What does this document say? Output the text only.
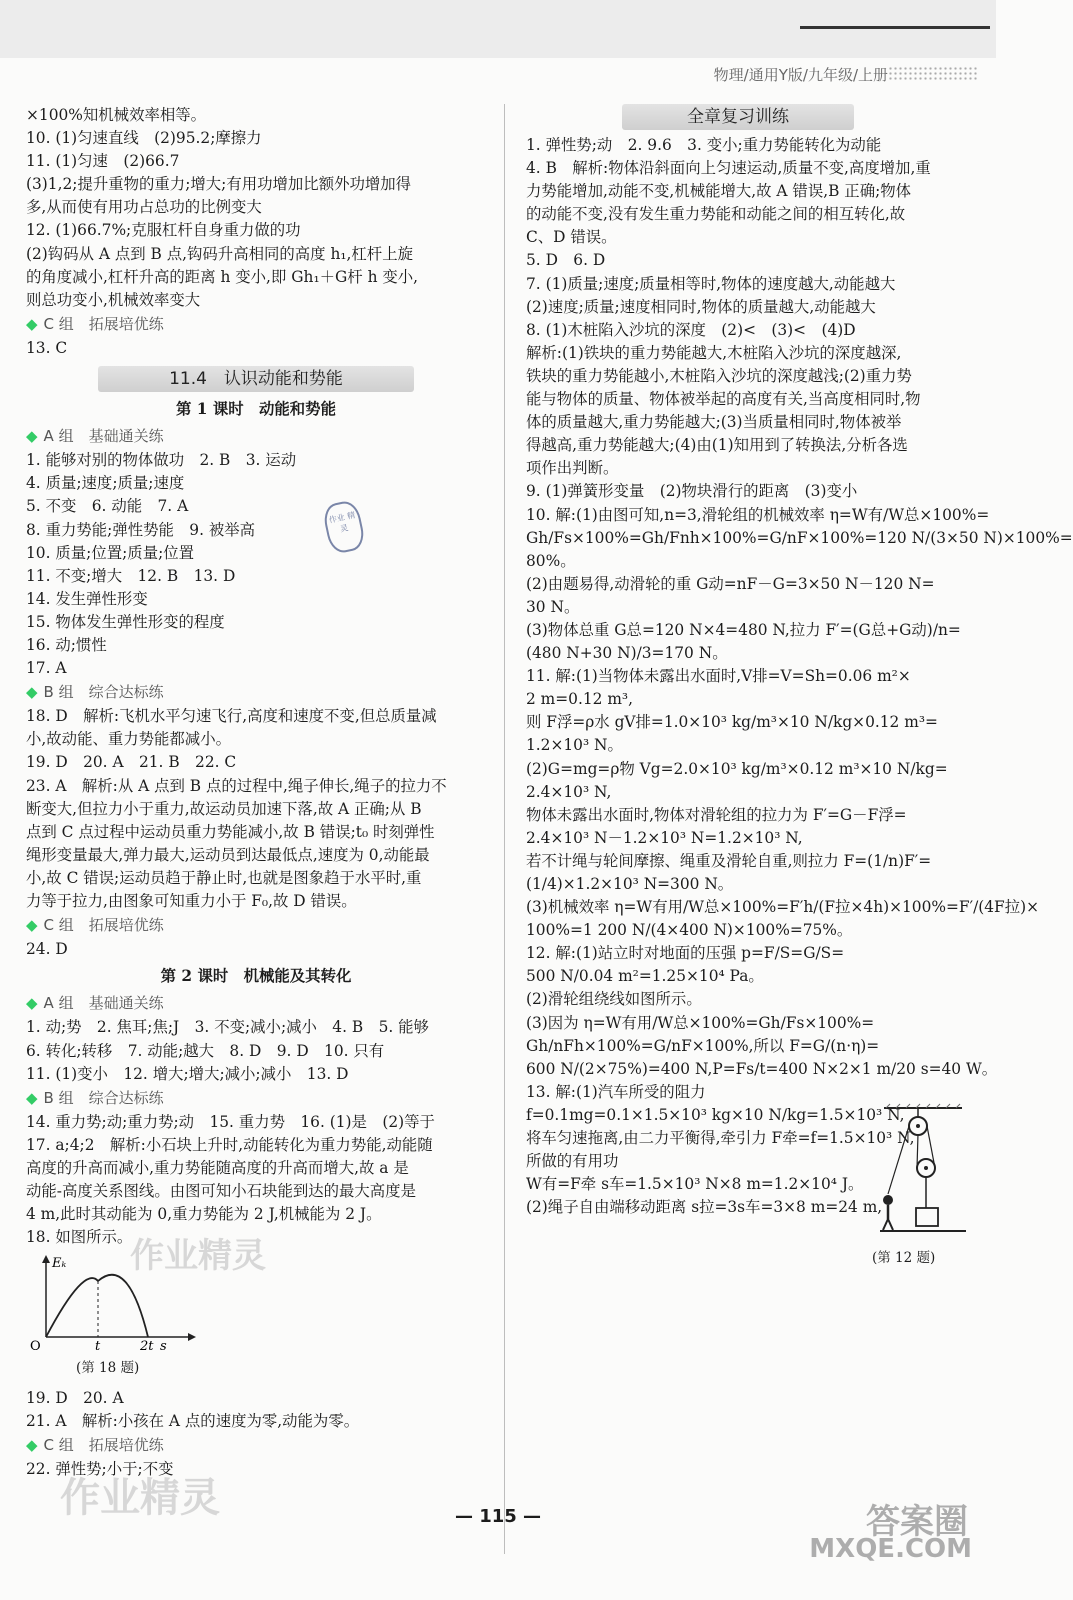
物理/通用Y版/九年级/上册
×100%知机械效率相等。
10. (1)匀速直线　(2)95.2;摩擦力
11. (1)匀速　(2)66.7
(3)1,2;提升重物的重力;增大;有用功增加比额外功增加得
多,从而使有用功占总功的比例变大
12. (1)66.7%;克服杠杆自身重力做的功
(2)钩码从 A 点到 B 点,钩码升高相同的高度 h₁,杠杆上旋
的角度减小,杠杆升高的距离 h 变小,即 Gh₁＋G杆 h 变小,
则总功变小,机械效率变大
◆ C 组　拓展培优练
13. C
11.4　认识动能和势能
第 1 课时　动能和势能
◆ A 组　基础通关练
1. 能够对别的物体做功　2. B　3. 运动
4. 质量;速度;质量;速度
5. 不变　6. 动能　7. A
8. 重力势能;弹性势能　9. 被举高
10. 质量;位置;质量;位置
11. 不变;增大　12. B　13. D
14. 发生弹性形变
15. 物体发生弹性形变的程度
16. 动;惯性
17. A
◆ B 组　综合达标练
18. D　解析:飞机水平匀速飞行,高度和速度不变,但总质量减
小,故动能、重力势能都减小。
19. D　20. A　21. B　22. C
23. A　解析:从 A 点到 B 点的过程中,绳子伸长,绳子的拉力不
断变大,但拉力小于重力,故运动员加速下落,故 A 正确;从 B
点到 C 点过程中运动员重力势能减小,故 B 错误;t₀ 时刻弹性
绳形变量最大,弹力最大,运动员到达最低点,速度为 0,动能最
小,故 C 错误;运动员趋于静止时,也就是图象趋于水平时,重
力等于拉力,由图象可知重力小于 F₀,故 D 错误。
◆ C 组　拓展培优练
24. D
第 2 课时　机械能及其转化
◆ A 组　基础通关练
1. 动;势　2. 焦耳;焦;J　3. 不变;减小;减小　4. B　5. 能够
6. 转化;转移　7. 动能;越大　8. D　9. D　10. 只有
11. (1)变小　12. 增大;增大;减小;减小　13. D
◆ B 组　综合达标练
14. 重力势;动;重力势;动　15. 重力势　16. (1)是　(2)等于
17. a;4;2　解析:小石块上升时,动能转化为重力势能,动能随
高度的升高而减小,重力势能随高度的升高而增大,故 a 是
动能-高度关系图线。由图可知小石块能到达的最大高度是
4 m,此时其动能为 0,重力势能为 2 J,机械能为 2 J。
18. 如图所示。
Eₖ
O	t	2t s
(第 18 题)
19. D　20. A
21. A　解析:小孩在 A 点的速度为零,动能为零。
◆ C 组　拓展培优练
22. 弹性势;小于;不变
全章复习训练
1. 弹性势;动　2. 9.6　3. 变小;重力势能转化为动能
4. B　解析:物体沿斜面向上匀速运动,质量不变,高度增加,重
力势能增加,动能不变,机械能增大,故 A 错误,B 正确;物体
的动能不变,没有发生重力势能和动能之间的相互转化,故
C、D 错误。
5. D　6. D
7. (1)质量;速度;质量相等时,物体的速度越大,动能越大
(2)速度;质量;速度相同时,物体的质量越大,动能越大
8. (1)木桩陷入沙坑的深度　(2)<　(3)<　(4)D
解析:(1)铁块的重力势能越大,木桩陷入沙坑的深度越深,
铁块的重力势能越小,木桩陷入沙坑的深度越浅;(2)重力势
能与物体的质量、物体被举起的高度有关,当高度相同时,物
体的质量越大,重力势能越大;(3)当质量相同时,物体被举
得越高,重力势能越大;(4)由(1)知用到了转换法,分析各选
项作出判断。
9. (1)弹簧形变量　(2)物块滑行的距离　(3)变小
10. 解:(1)由图可知,n=3,滑轮组的机械效率 η=W有/W总×100%=
Gh/Fs×100%=Gh/Fnh×100%=G/nF×100%=120 N/(3×50 N)×100%=
80%。
(2)由题易得,动滑轮的重 G动=nF－G=3×50 N－120 N=
30 N。
(3)物体总重 G总=120 N×4=480 N,拉力 F′=(G总+G动)/n=
(480 N+30 N)/3=170 N。
11. 解:(1)当物体未露出水面时,V排=V=Sh=0.06 m²×
2 m=0.12 m³,
则 F浮=ρ水 gV排=1.0×10³ kg/m³×10 N/kg×0.12 m³=
1.2×10³ N。
(2)G=mg=ρ物 Vg=2.0×10³ kg/m³×0.12 m³×10 N/kg=
2.4×10³ N,
物体未露出水面时,物体对滑轮组的拉力为 F′=G－F浮=
2.4×10³ N－1.2×10³ N=1.2×10³ N,
若不计绳与轮间摩擦、绳重及滑轮自重,则拉力 F=(1/n)F′=
(1/4)×1.2×10³ N=300 N。
(3)机械效率 η=W有用/W总×100%=F′h/(F拉×4h)×100%=F′/(4F拉)×
100%=1 200 N/(4×400 N)×100%=75%。
12. 解:(1)站立时对地面的压强 p=F/S=G/S=
500 N/0.04 m²=1.25×10⁴ Pa。
(2)滑轮组绕线如图所示。
(3)因为 η=W有用/W总×100%=Gh/Fs×100%=
Gh/nFh×100%=G/nF×100%,所以 F=G/(n·η)=
600 N/(2×75%)=400 N,P=Fs/t=400 N×2×1 m/20 s=40 W。
13. 解:(1)汽车所受的阻力
f=0.1mg=0.1×1.5×10³ kg×10 N/kg=1.5×10³ N,
将车匀速拖离,由二力平衡得,牵引力 F牵=f=1.5×10³ N,
所做的有用功
W有=F牵 s车=1.5×10³ N×8 m=1.2×10⁴ J。
(2)绳子自由端移动距离 s拉=3s车=3×8 m=24 m,
作业 精灵
(第 12 题)
— 115 —
作业精灵
作业精灵
答案圈
MXQE.COM
